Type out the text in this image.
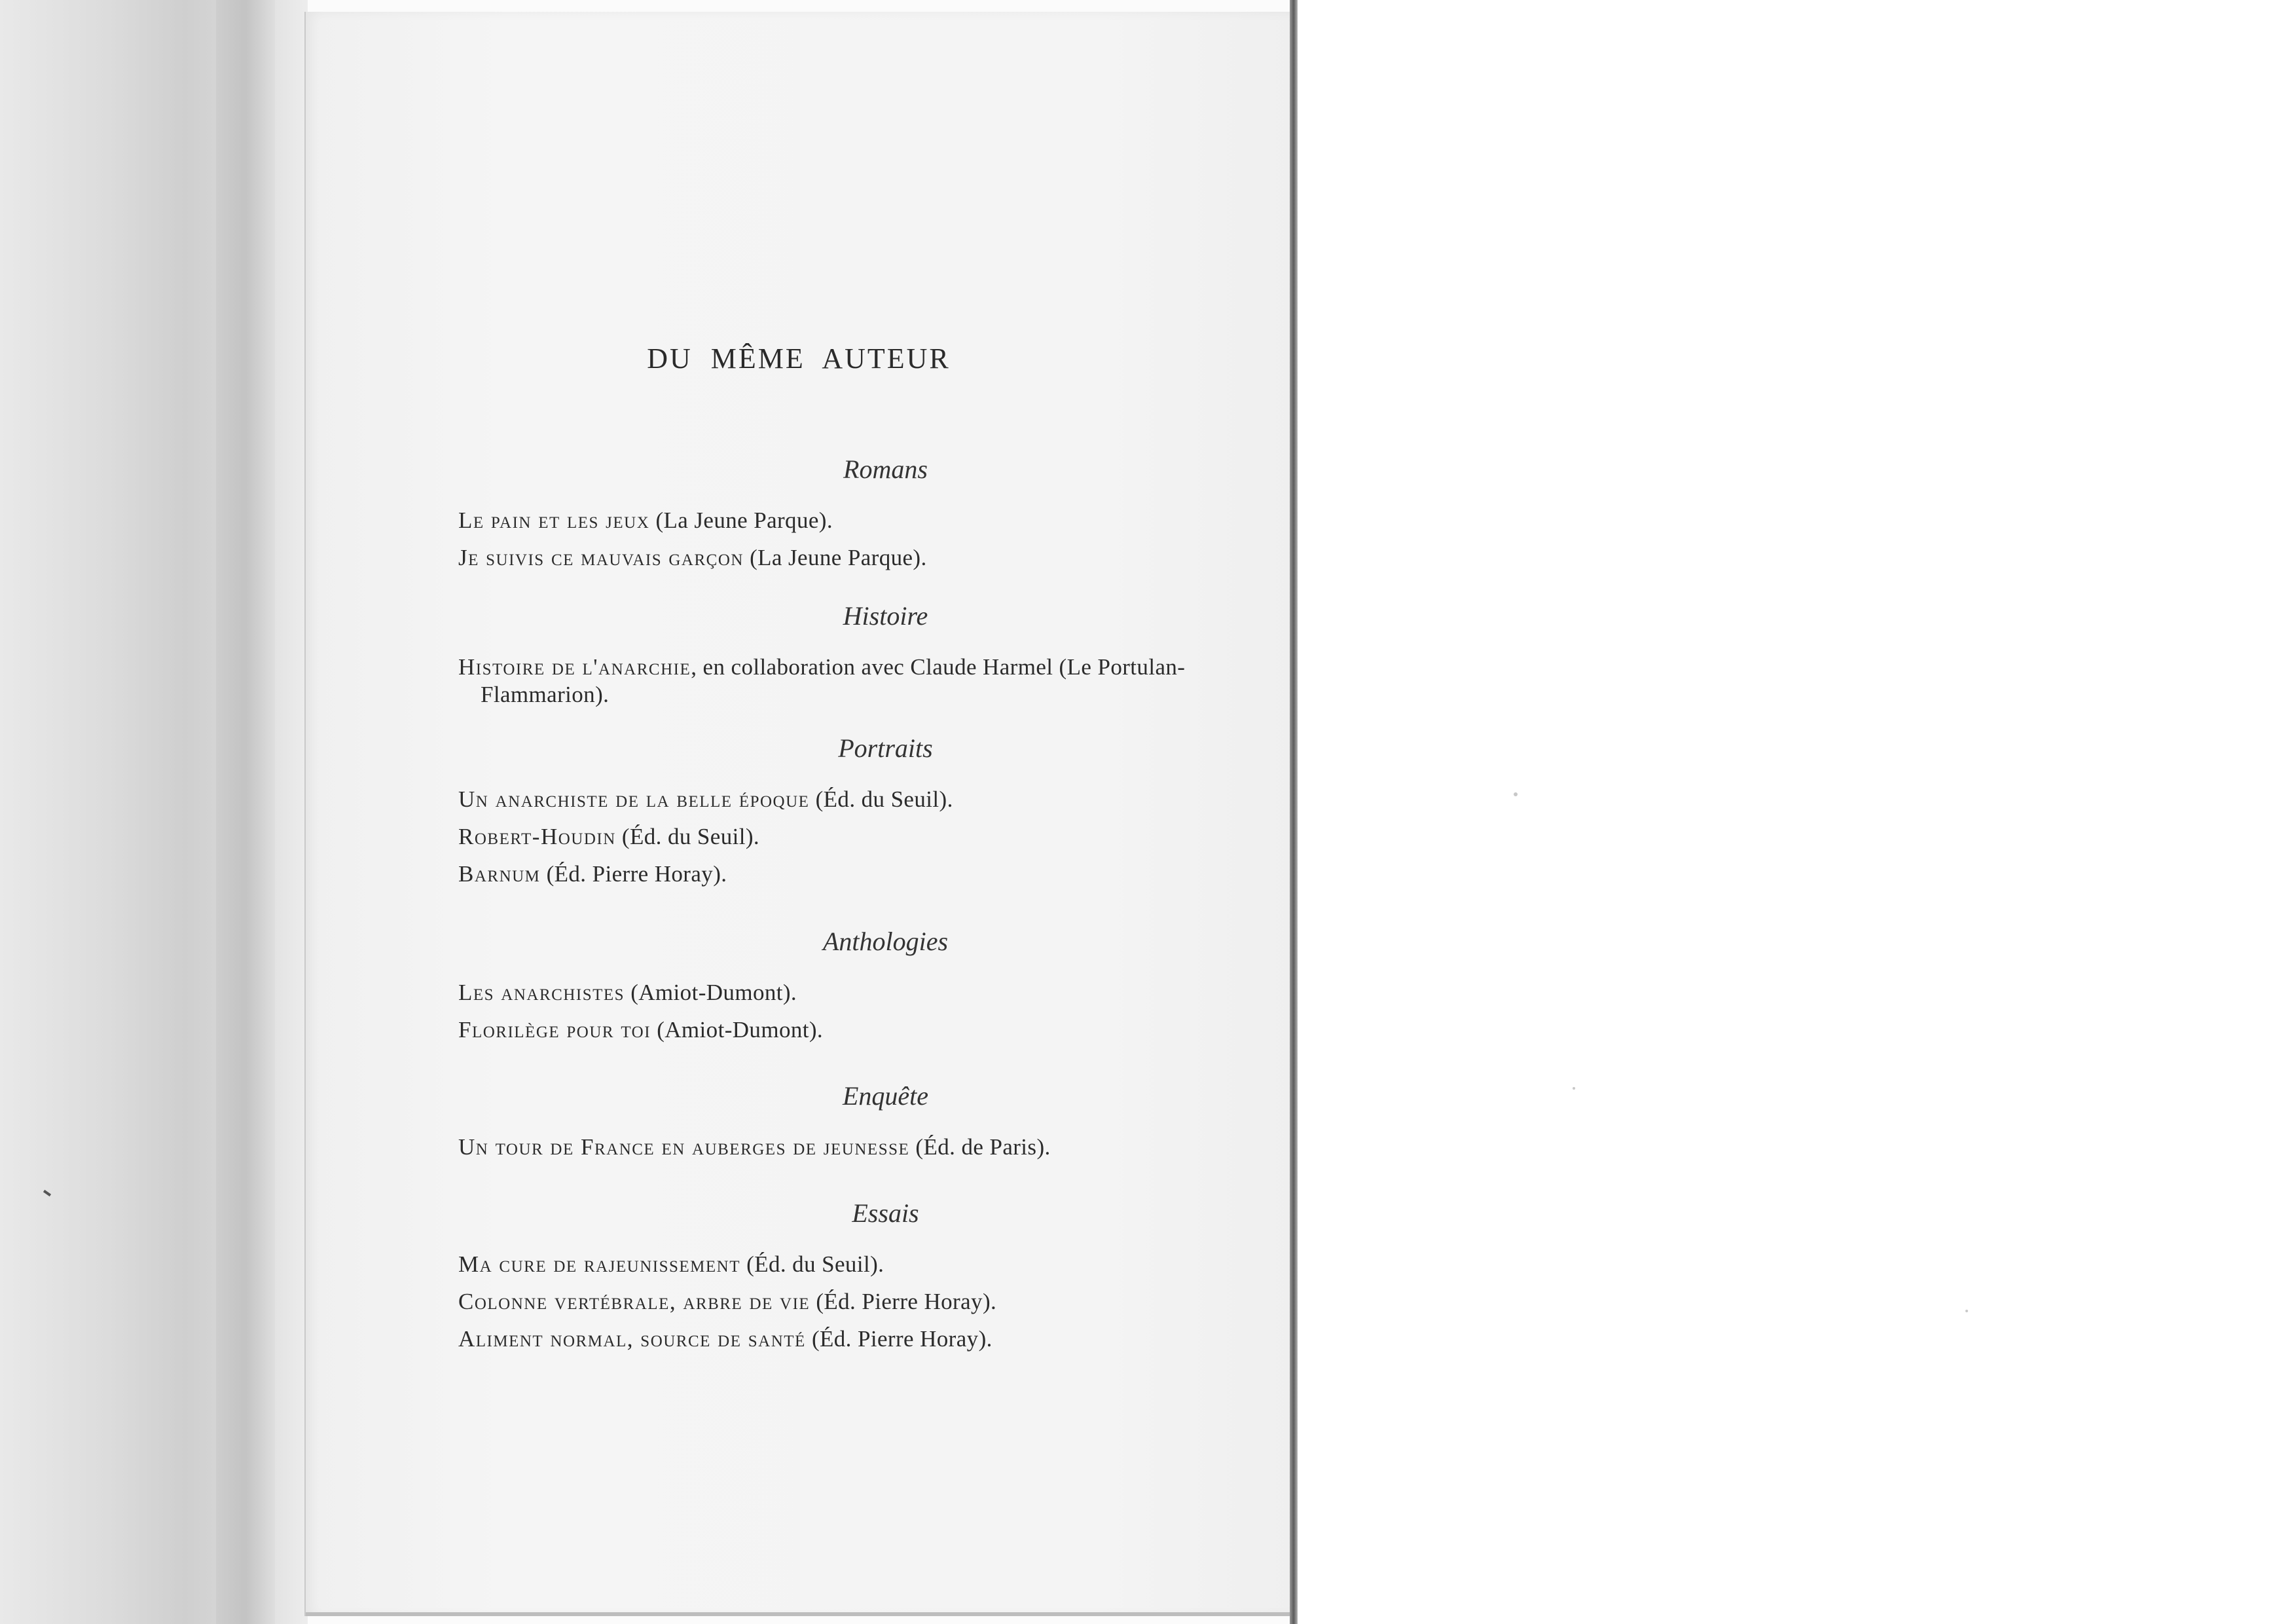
DU MÊME AUTEUR

Romans

Le pain et les jeux (La Jeune Parque).

Je suivis ce mauvais garçon (La Jeune Parque).

Histoire

Histoire de l'anarchie, en collaboration avec Claude Harmel (Le Portulan-Flammarion).

Portraits

Un anarchiste de la belle époque (Éd. du Seuil).

Robert-Houdin (Éd. du Seuil).

Barnum (Éd. Pierre Horay).

Anthologies

Les anarchistes (Amiot-Dumont).

Florilège pour toi (Amiot-Dumont).

Enquête

Un tour de France en auberges de jeunesse (Éd. de Paris).

Essais

Ma cure de rajeunissement (Éd. du Seuil).

Colonne vertébrale, arbre de vie (Éd. Pierre Horay).

Aliment normal, source de santé (Éd. Pierre Horay).
